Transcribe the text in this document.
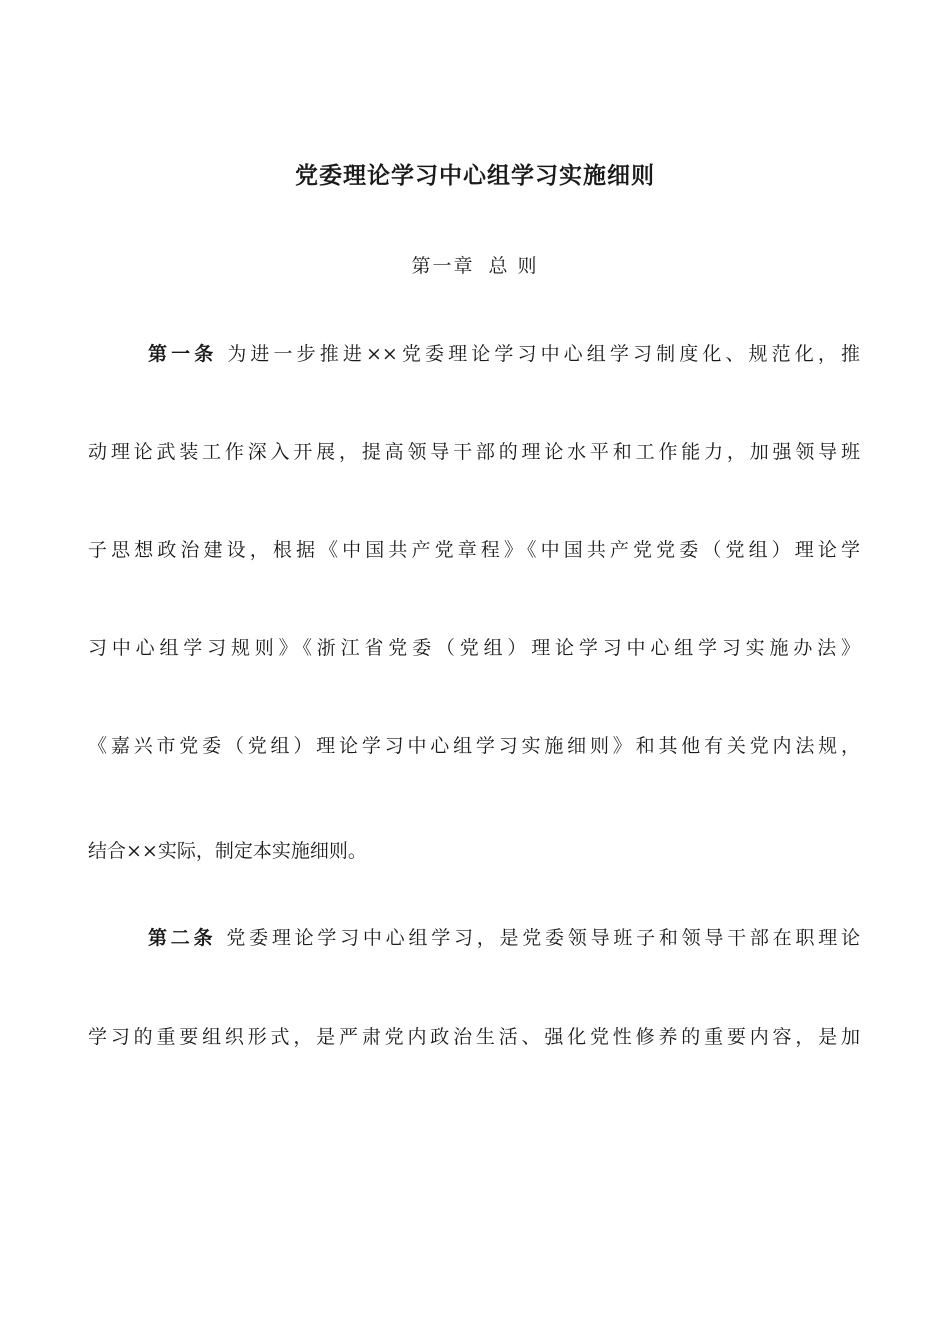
党委理论学习中心组学习实施细则

第一章 总 则

第一条 为进一步推进××党委理论学习中心组学习制度化、规范化，推

动理论武装工作深入开展，提高领导干部的理论水平和工作能力，加强领导班

子思想政治建设，根据《中国共产党章程》《中国共产党党委（党组）理论学

习中心组学习规则》《浙江省党委（党组）理论学习中心组学习实施办法》

《嘉兴市党委（党组）理论学习中心组学习实施细则》和其他有关党内法规，

结合××实际，制定本实施细则。

第二条 党委理论学习中心组学习，是党委领导班子和领导干部在职理论

学习的重要组织形式，是严肃党内政治生活、强化党性修养的重要内容，是加
